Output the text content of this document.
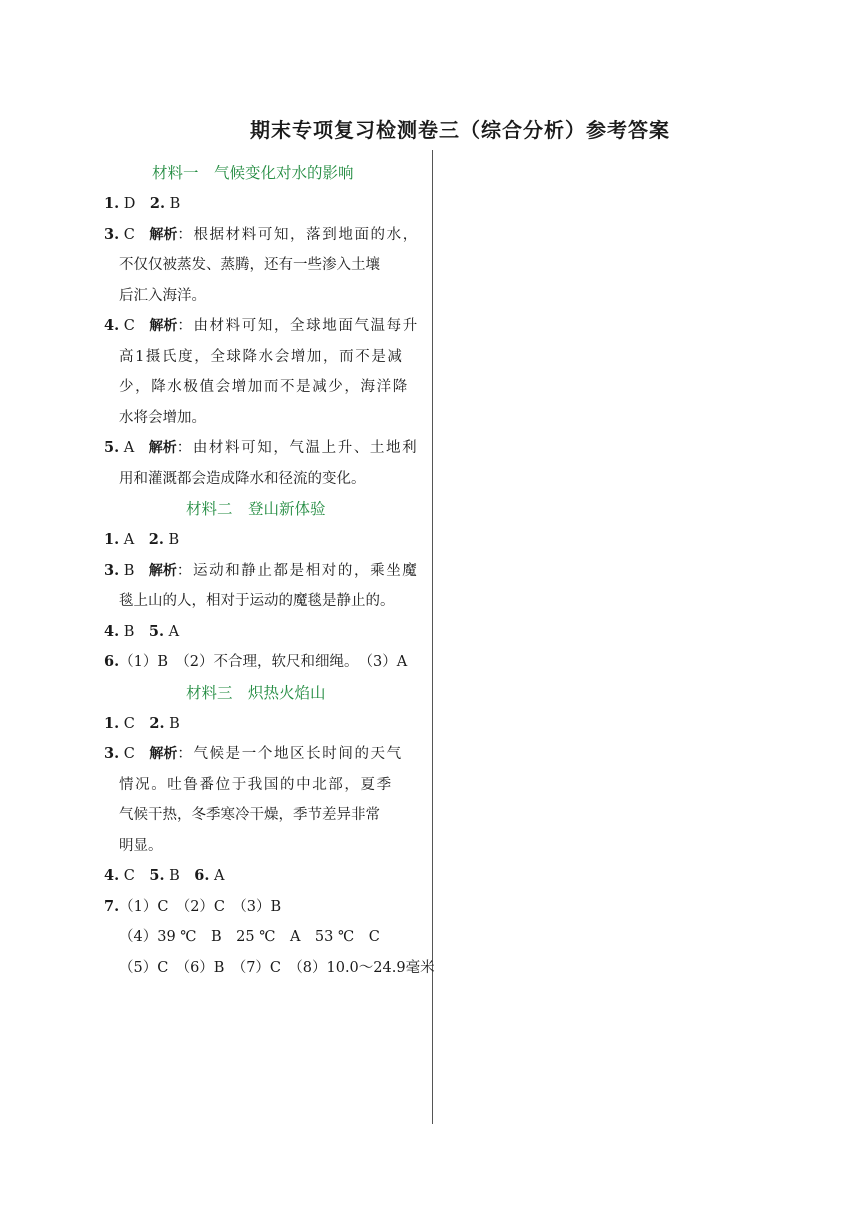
期末专项复习检测卷三（综合分析）参考答案
材料一　气候变化对水的影响
1. D　2. B
3. C　解析：根据材料可知，落到地面的水，
不仅仅被蒸发、蒸腾，还有一些渗入土壤
后汇入海洋。
4. C　解析：由材料可知，全球地面气温每升
高1摄氏度，全球降水会增加，而不是减
少，降水极值会增加而不是减少，海洋降
水将会增加。
5. A　解析：由材料可知，气温上升、土地利
用和灌溉都会造成降水和径流的变化。
材料二　登山新体验
1. A　2. B
3. B　解析：运动和静止都是相对的，乘坐魔
毯上山的人，相对于运动的魔毯是静止的。
4. B　5. A
6.（1）B　（2）不合理，软尺和细绳。　（3）A
材料三　炽热火焰山
1. C　2. B
3. C　解析：气候是一个地区长时间的天气
情况。吐鲁番位于我国的中北部，夏季
气候干热，冬季寒冷干燥，季节差异非常
明显。
4. C　5. B　6. A
7.（1）C　（2）C　（3）B
（4）39 ℃　B　25 ℃　A　53 ℃　C
（5）C　（6）B　（7）C　（8）10.0～24.9毫米
